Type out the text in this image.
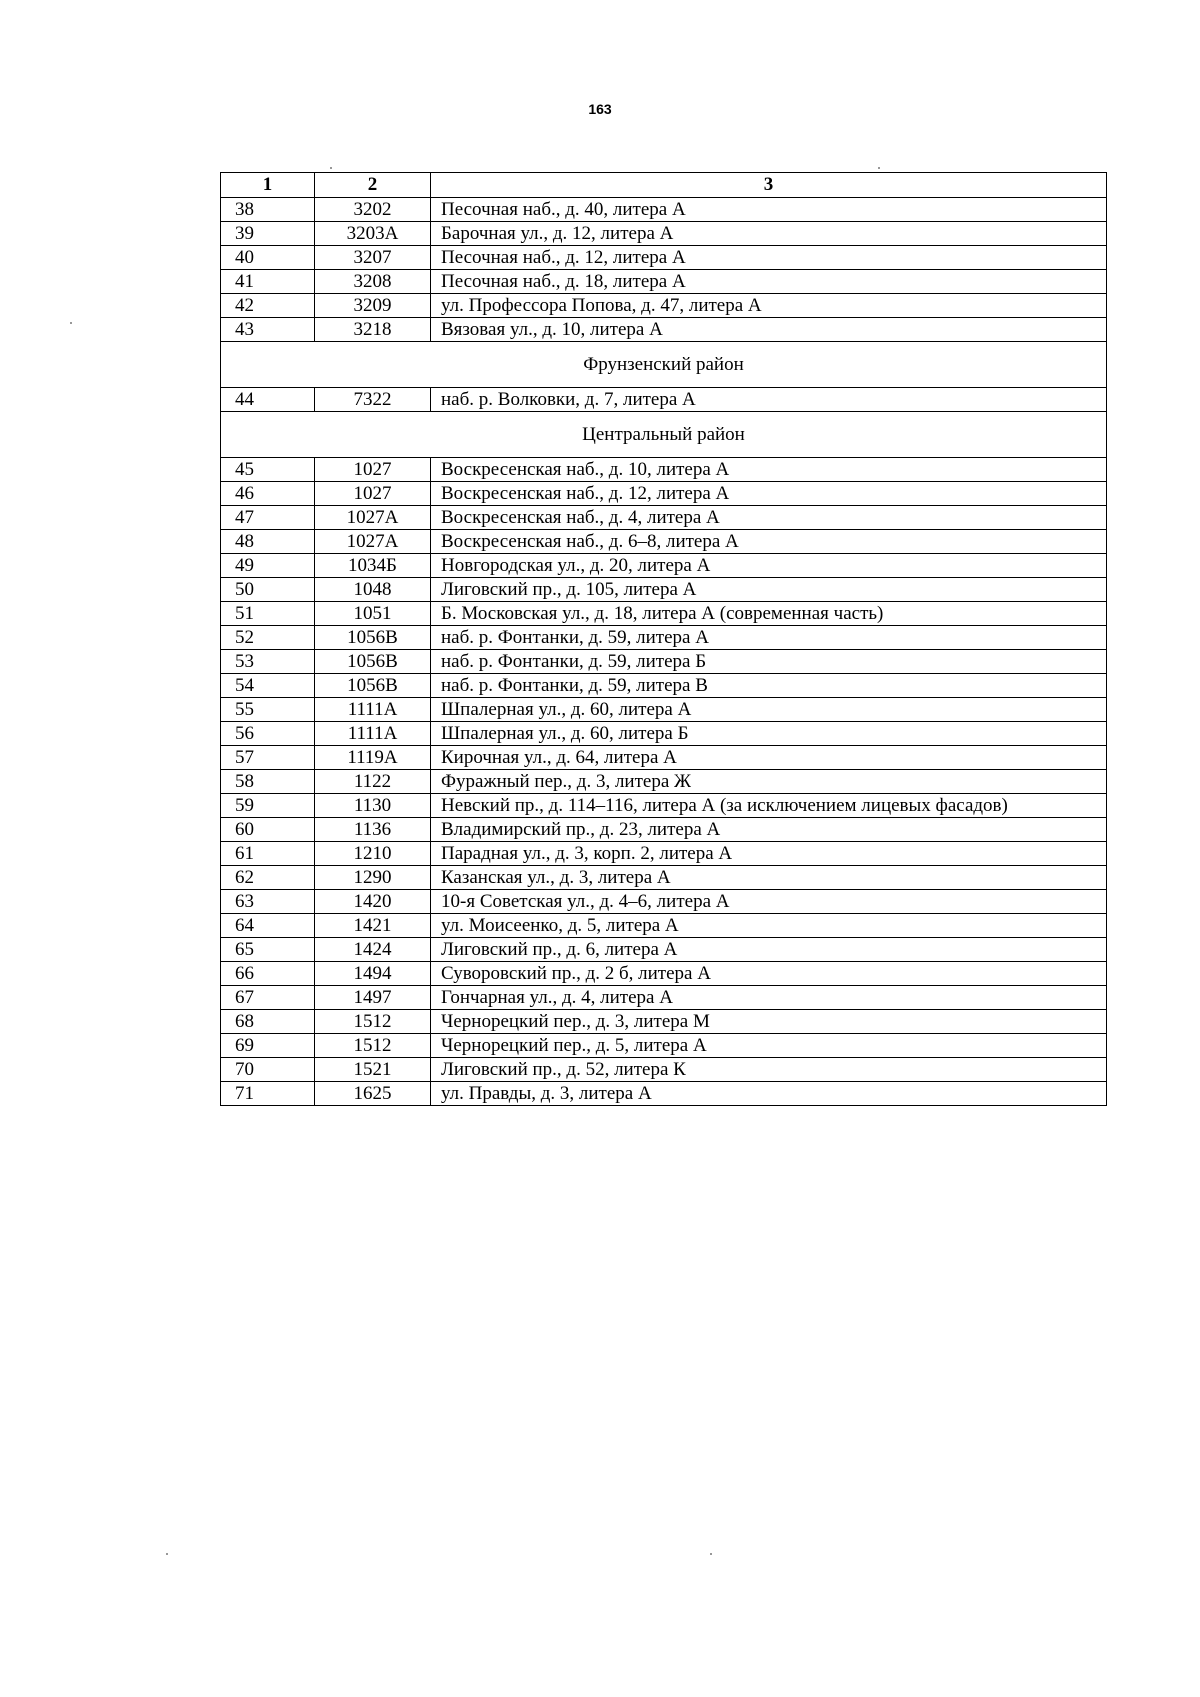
163
1	2	3
38	3202	Песочная наб., д. 40, литера А
39	3203А	Барочная ул., д. 12, литера А
40	3207	Песочная наб., д. 12, литера А
41	3208	Песочная наб., д. 18, литера А
42	3209	ул. Профессора Попова, д. 47, литера А
43	3218	Вязовая ул., д. 10, литера А
Фрунзенский район		
44	7322	наб. р. Волковки, д. 7, литера А
Центральный район		
45	1027	Воскресенская наб., д. 10, литера А
46	1027	Воскресенская наб., д. 12, литера А
47	1027А	Воскресенская наб., д. 4, литера А
48	1027А	Воскресенская наб., д. 6–8, литера А
49	1034Б	Новгородская ул., д. 20, литера А
50	1048	Лиговский пр., д. 105, литера А
51	1051	Б. Московская ул., д. 18, литера А (современная часть)
52	1056В	наб. р. Фонтанки, д. 59, литера А
53	1056В	наб. р. Фонтанки, д. 59, литера Б
54	1056В	наб. р. Фонтанки, д. 59, литера В
55	1111А	Шпалерная ул., д. 60, литера А
56	1111А	Шпалерная ул., д. 60, литера Б
57	1119А	Кирочная ул., д. 64, литера А
58	1122	Фуражный пер., д. 3, литера Ж
59	1130	Невский пр., д. 114–116, литера А (за исключением лицевых фасадов)
60	1136	Владимирский пр., д. 23, литера А
61	1210	Парадная ул., д. 3, корп. 2, литера А
62	1290	Казанская ул., д. 3, литера А
63	1420	10-я Советская ул., д. 4–6, литера А
64	1421	ул. Моисеенко, д. 5, литера А
65	1424	Лиговский пр., д. 6, литера А
66	1494	Суворовский пр., д. 2 б, литера А
67	1497	Гончарная ул., д. 4, литера А
68	1512	Чернорецкий пер., д. 3, литера М
69	1512	Чернорецкий пер., д. 5, литера А
70	1521	Лиговский пр., д. 52, литера К
71	1625	ул. Правды, д. 3, литера А
